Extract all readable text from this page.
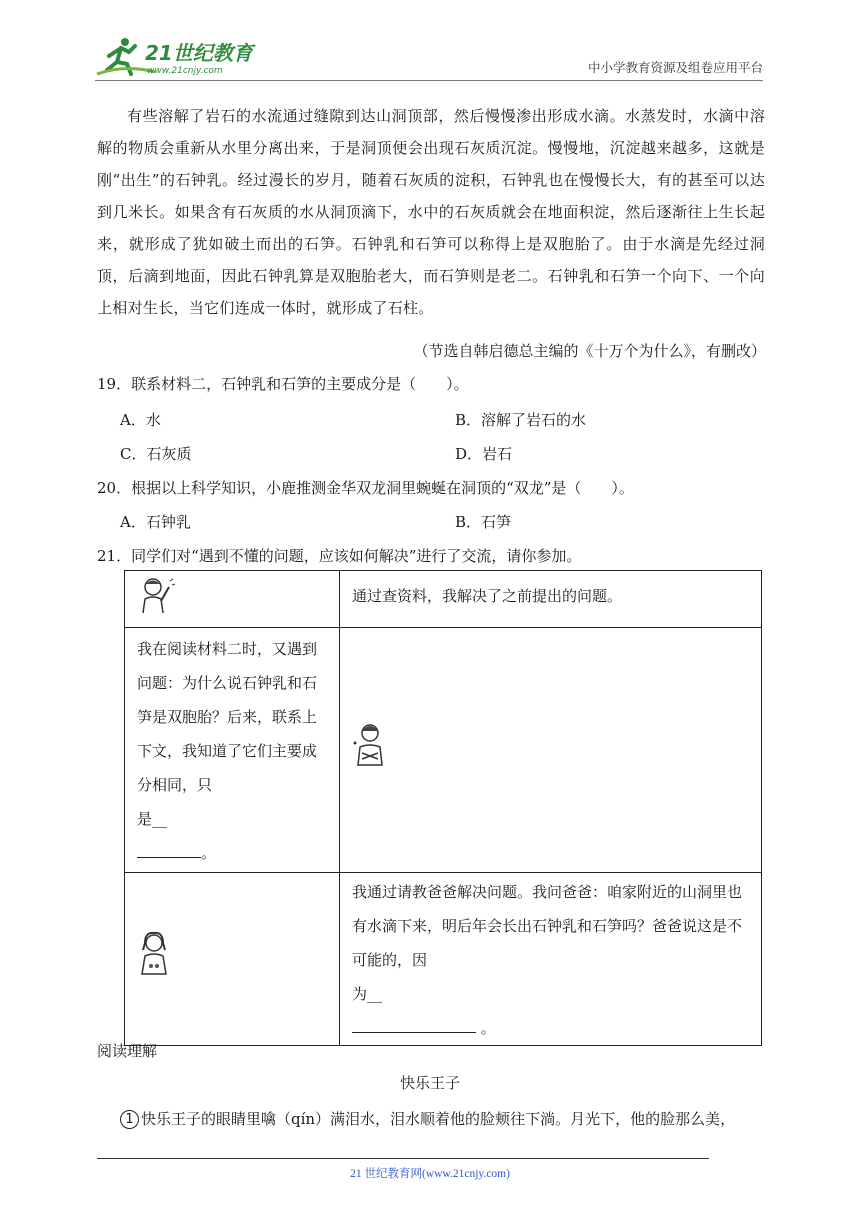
21世纪教育
www.21cnjy.com	中小学教育资源及组卷应用平台
有些溶解了岩石的水流通过缝隙到达山洞顶部，然后慢慢渗出形成水滴。水蒸发时，水滴中溶解的物质会重新从水里分离出来，于是洞顶便会出现石灰质沉淀。慢慢地，沉淀越来越多，这就是刚“出生”的石钟乳。经过漫长的岁月，随着石灰质的淀积，石钟乳也在慢慢长大，有的甚至可以达到几米长。如果含有石灰质的水从洞顶滴下，水中的石灰质就会在地面积淀，然后逐渐往上生长起来，就形成了犹如破土而出的石笋。石钟乳和石笋可以称得上是双胞胎了。由于水滴是先经过洞顶，后滴到地面，因此石钟乳算是双胞胎老大，而石笋则是老二。石钟乳和石笋一个向下、一个向上相对生长，当它们连成一体时，就形成了石柱。
（节选自韩启德总主编的《十万个为什么》，有删改）
19．联系材料二，石钟乳和石笋的主要成分是（　　）。
A．水	B．溶解了岩石的水
C．石灰质	D．岩石
20．根据以上科学知识，小鹿推测金华双龙洞里蜿蜒在洞顶的“双龙”是（　　）。
A．石钟乳	B．石笋
21．同学们对“遇到不懂的问题，应该如何解决”进行了交流，请你参加。
	通过查资料，我解决了之前提出的问题。
我在阅读材料二时，又遇到问题：为什么说石钟乳和石笋是双胞胎？后来，联系上下文，我知道了它们主要成分相同，只
是__
。	
	我通过请教爸爸解决问题。我问爸爸：咱家附近的山洞里也有水滴下来，明后年会长出石钟乳和石笋吗？爸爸说这是不可能的，因
为__
。
阅读理解
快乐王子
1 快乐王子的眼睛里噙（qín）满泪水，泪水顺着他的脸颊往下淌。月光下，他的脸那么美，
21 世纪教育网(www.21cnjy.com)
